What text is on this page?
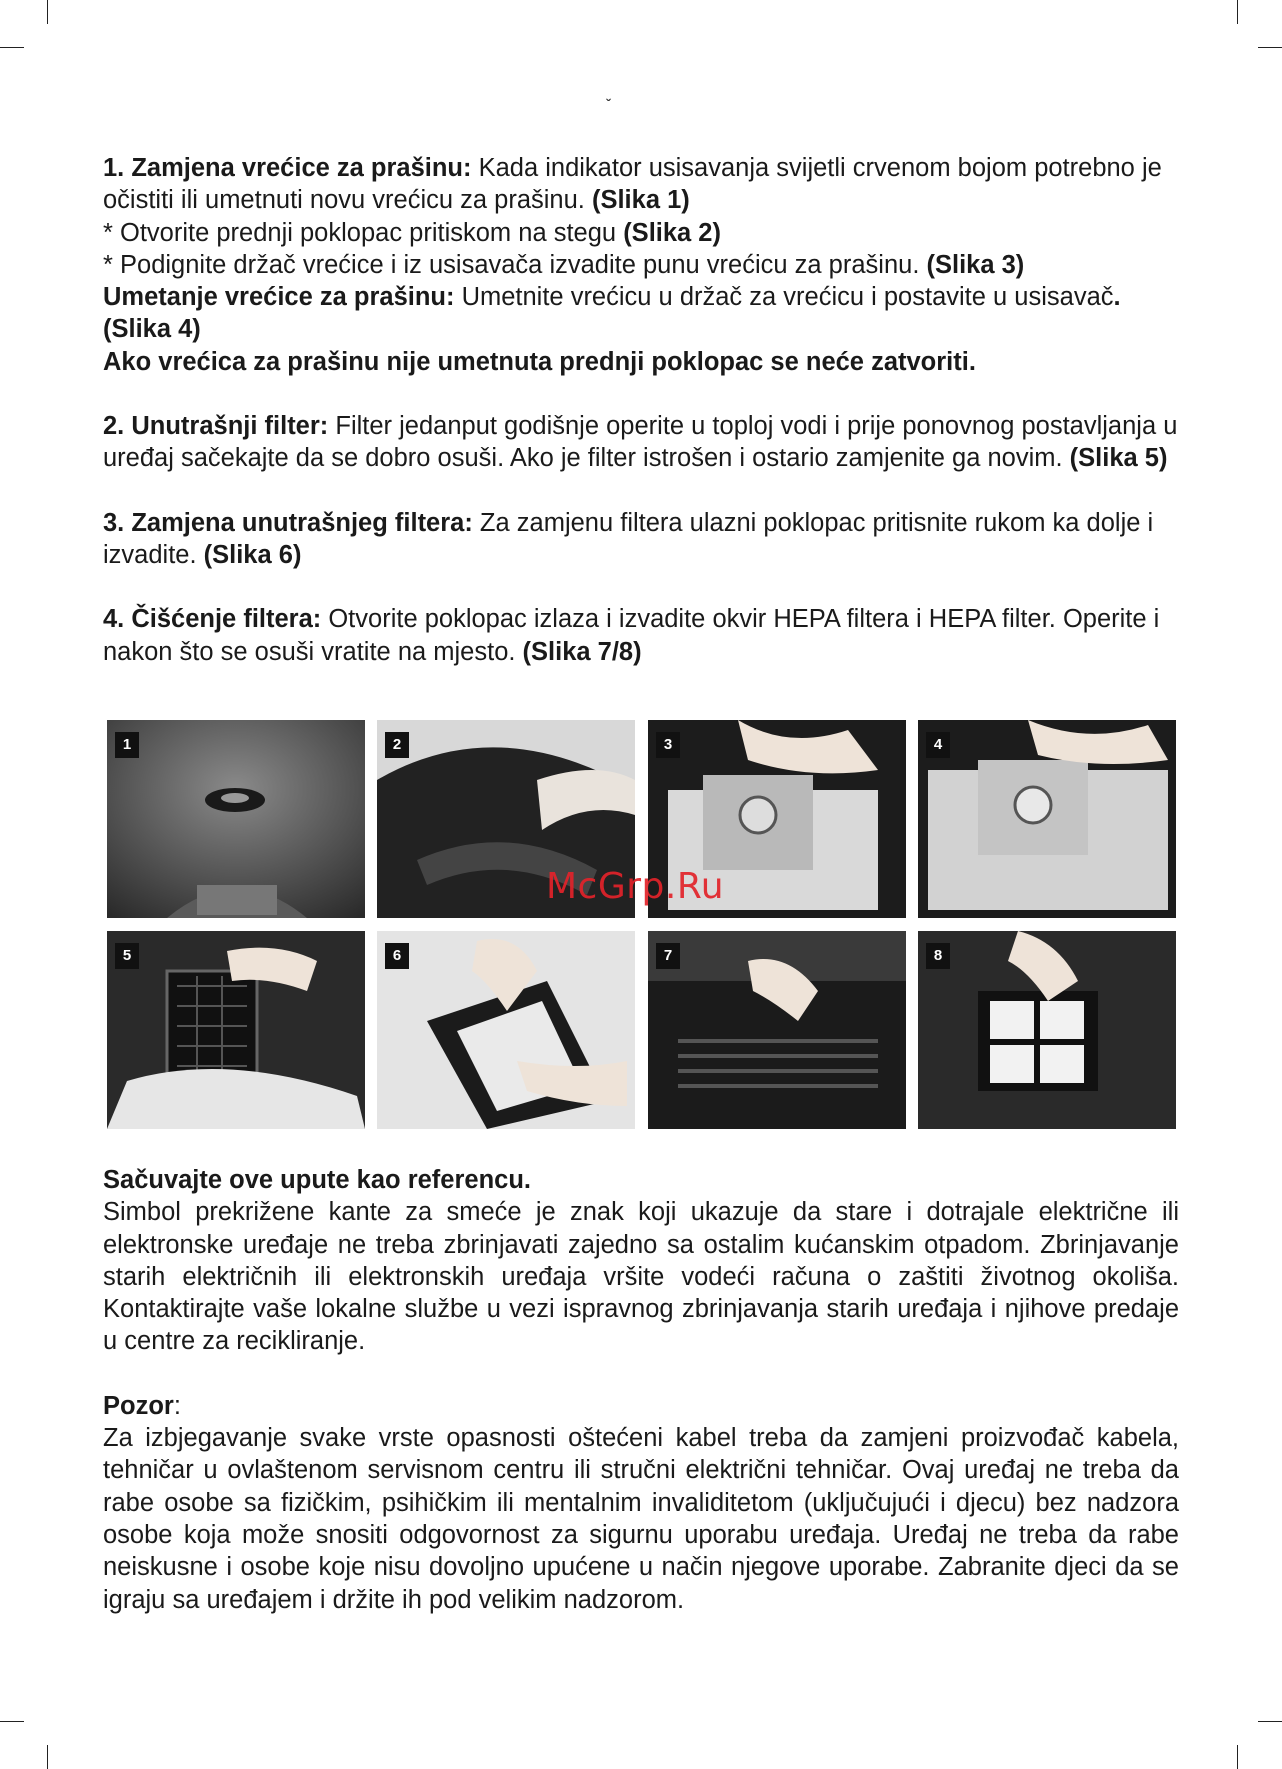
ˇ

1. Zamjena vrećice za prašinu: Kada indikator usisavanja svijetli crvenom bojom potrebno je očistiti ili umetnuti novu vrećicu za prašinu. (Slika 1)

* Otvorite prednji poklopac pritiskom na stegu (Slika 2)

* Podignite držač vrećice i iz usisavača izvadite punu vrećicu za prašinu. (Slika 3)

Umetanje vrećice za prašinu: Umetnite vrećicu u držač za vrećicu i postavite u usisavač. (Slika 4)

Ako vrećica za prašinu nije umetnuta prednji poklopac se neće zatvoriti.

2. Unutrašnji filter: Filter jedanput godišnje operite u toploj vodi i prije ponovnog postavljanja u uređaj sačekajte da se dobro osuši. Ako je filter istrošen i ostario zamjenite ga novim. (Slika 5)

3. Zamjena unutrašnjeg filtera: Za zamjenu filtera ulazni poklopac pritisnite rukom ka dolje i izvadite. (Slika 6)

4. Čišćenje filtera: Otvorite poklopac izlaza i izvadite okvir HEPA filtera i HEPA filter. Operite i nakon što se osuši vratite na mjesto. (Slika 7/8)

1	2	3	4
5	6	7	8
McGrp.Ru

Sačuvajte ove upute kao referencu.

Simbol prekrižene kante za smeće je znak koji ukazuje da stare i dotrajale električne ili elektronske uređaje ne treba zbrinjavati zajedno sa ostalim kućanskim otpadom. Zbrinjavanje starih električnih ili elektronskih uređaja vršite vodeći računa o zaštiti životnog okoliša. Kontaktirajte vaše lokalne službe u vezi ispravnog zbrinjavanja starih uređaja i njihove predaje u centre za recikliranje.

Pozor:

Za izbjegavanje svake vrste opasnosti oštećeni kabel treba da zamjeni proizvođač kabela, tehničar u ovlaštenom servisnom centru ili stručni električni tehničar. Ovaj uređaj ne treba da rabe osobe sa fizičkim, psihičkim ili mentalnim invaliditetom (uključujući i djecu) bez nadzora osobe koja može snositi odgovornost za sigurnu uporabu uređaja. Uređaj ne treba da rabe neiskusne i osobe koje nisu dovoljno upućene u način njegove uporabe. Zabranite djeci da se igraju sa uređajem i držite ih pod velikim nadzorom.
